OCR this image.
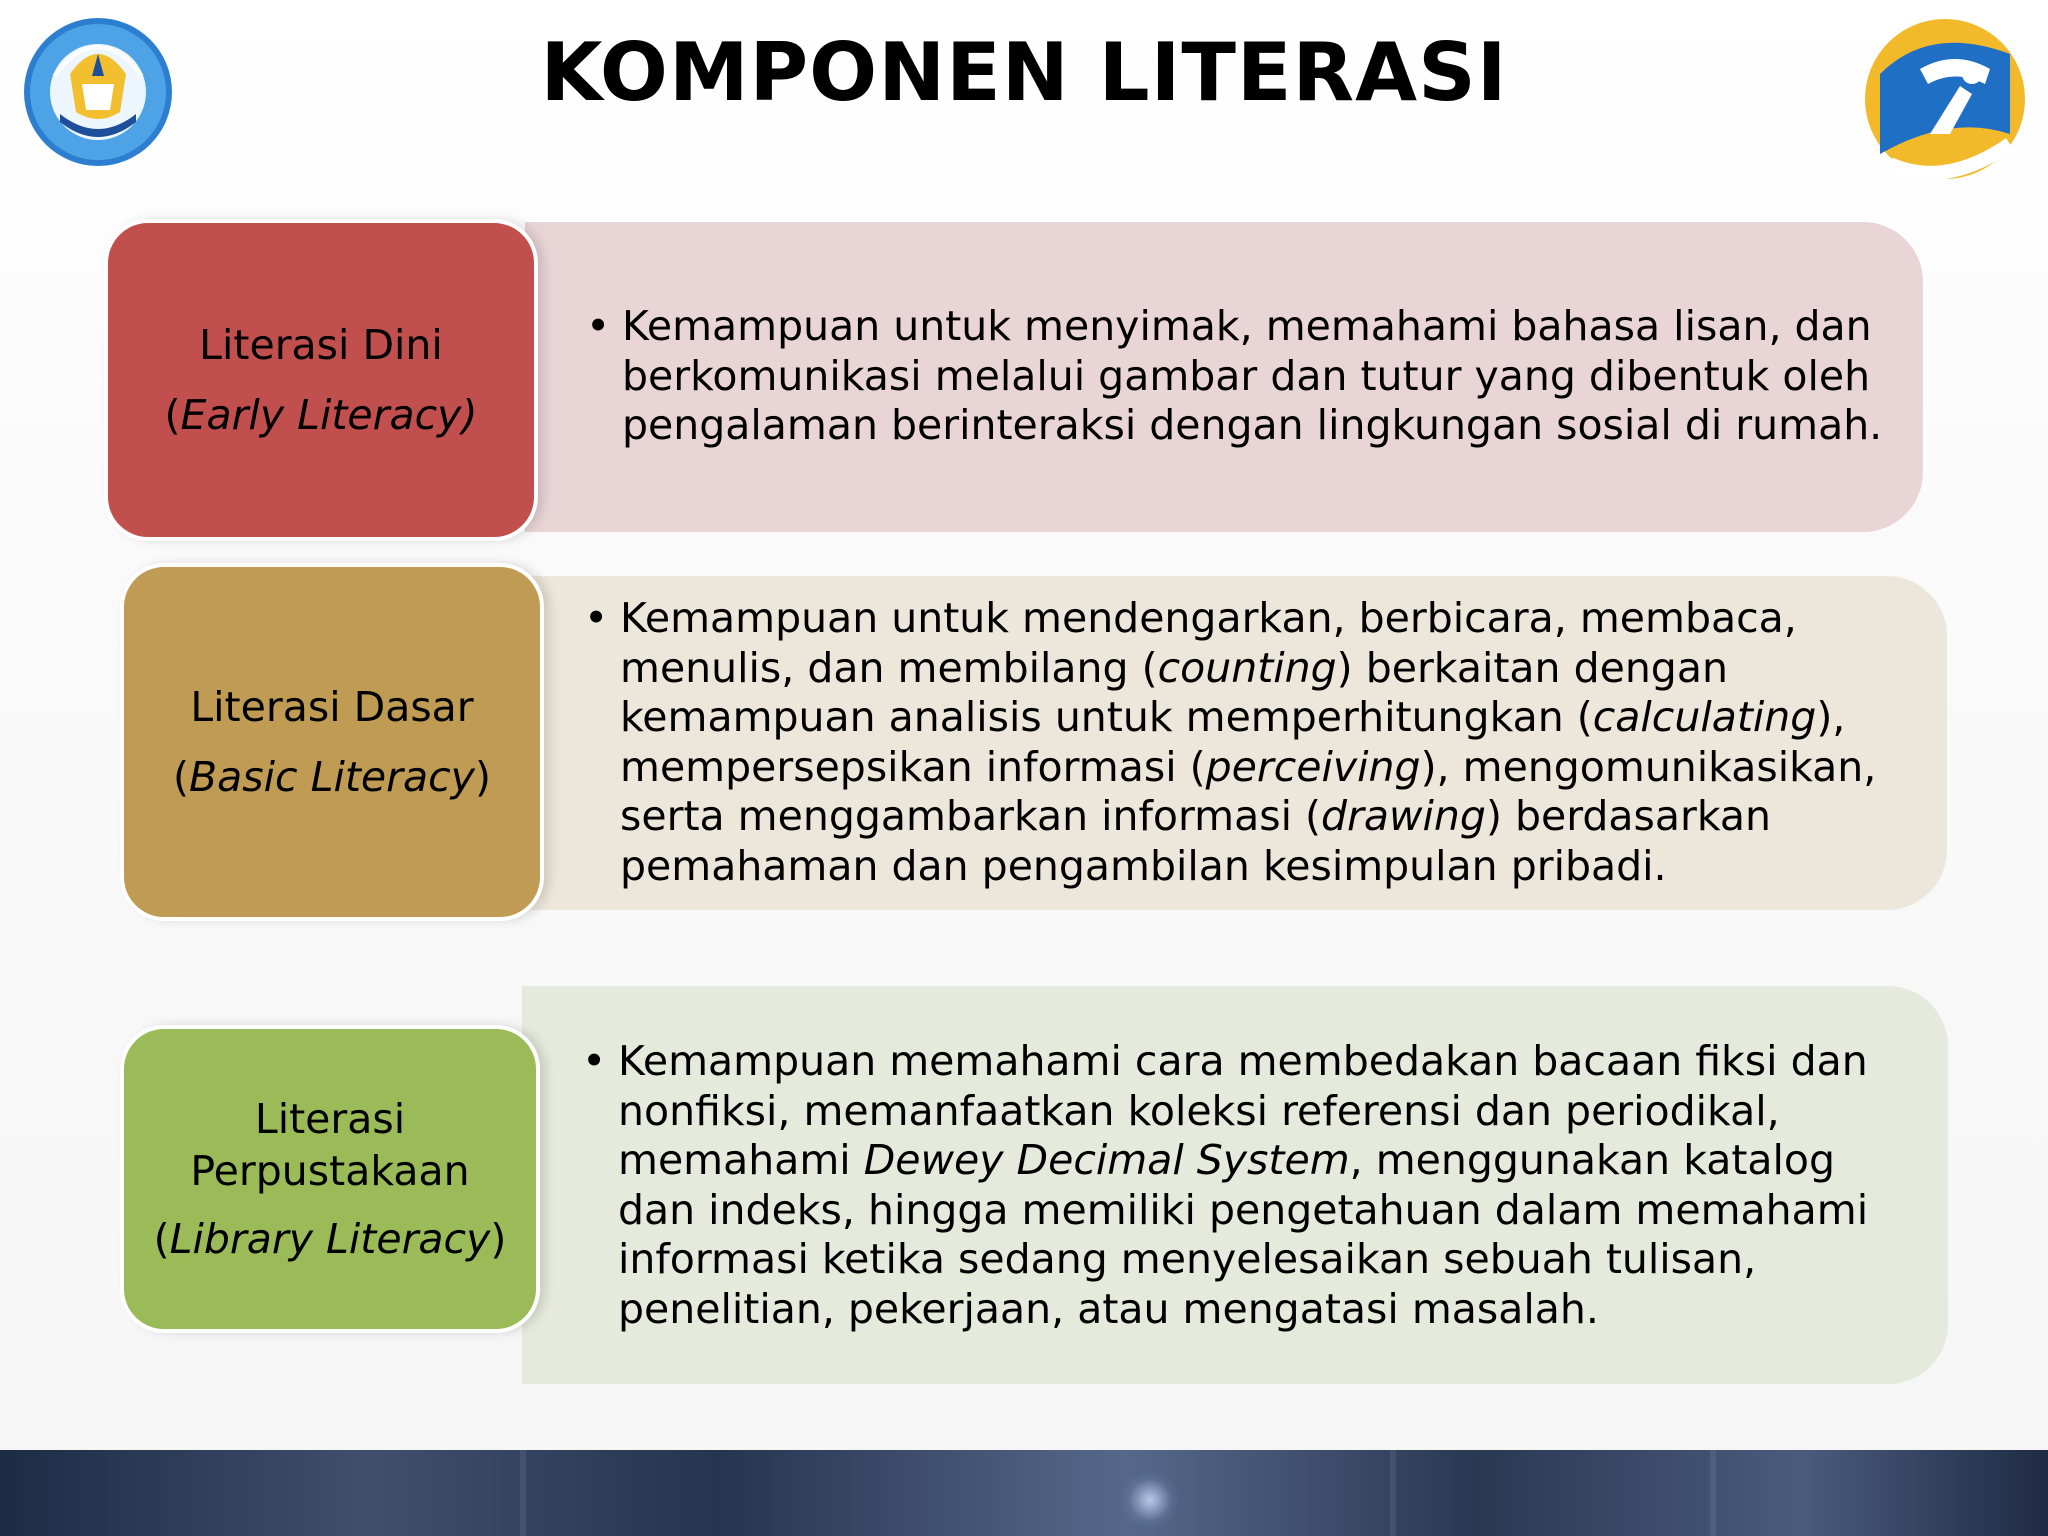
KOMPONEN LITERASI
Literasi Dini
(Early Literacy)
• Kemampuan untuk menyimak, memahami bahasa lisan, dan
berkomunikasi melalui gambar dan tutur yang dibentuk oleh
pengalaman berinteraksi dengan lingkungan sosial di rumah.
Literasi Dasar
(Basic Literacy)
• Kemampuan untuk mendengarkan, berbicara, membaca,
menulis, dan membilang (counting) berkaitan dengan
kemampuan analisis untuk memperhitungkan (calculating),
mempersepsikan informasi (perceiving), mengomunikasikan,
serta menggambarkan informasi (drawing) berdasarkan
pemahaman dan pengambilan kesimpulan pribadi.
Literasi
Perpustakaan
(Library Literacy)
• Kemampuan memahami cara membedakan bacaan fiksi dan
nonfiksi, memanfaatkan koleksi referensi dan periodikal,
memahami Dewey Decimal System, menggunakan katalog
dan indeks, hingga memiliki pengetahuan dalam memahami
informasi ketika sedang menyelesaikan sebuah tulisan,
penelitian, pekerjaan, atau mengatasi masalah.
